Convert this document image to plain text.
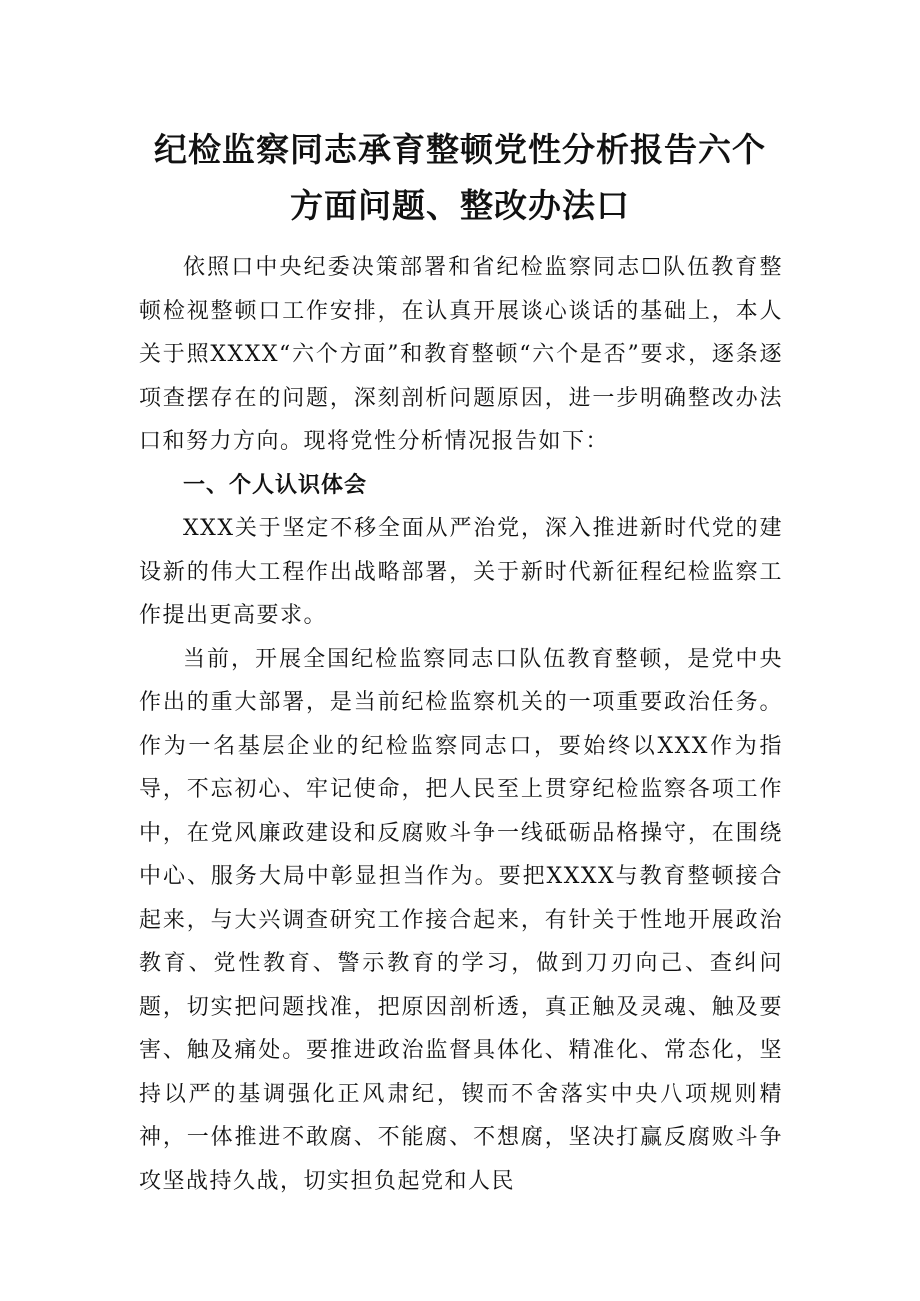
纪检监察同志承育整顿党性分析报告六个
方面问题、整改办法口

依照口中央纪委决策部署和省纪检监察同志☐队伍教育整顿检视整顿口工作安排，在认真开展谈心谈话的基础上，本人关于照XXXX“六个方面”和教育整顿“六个是否”要求，逐条逐项查摆存在的问题，深刻剖析问题原因，进一步明确整改办法口和努力方向。现将党性分析情况报告如下：

一、个人认识体会

XXX关于坚定不移全面从严治党，深入推进新时代党的建设新的伟大工程作出战略部署，关于新时代新征程纪检监察工作提出更高要求。

当前，开展全国纪检监察同志口队伍教育整顿，是党中央作出的重大部署，是当前纪检监察机关的一项重要政治任务。作为一名基层企业的纪检监察同志口，要始终以XXX作为指导，不忘初心、牢记使命，把人民至上贯穿纪检监察各项工作中，在党风廉政建设和反腐败斗争一线砥砺品格操守，在围绕中心、服务大局中彰显担当作为。要把XXXX与教育整顿接合起来，与大兴调查研究工作接合起来，有针关于性地开展政治教育、党性教育、警示教育的学习，做到刀刃向己、查纠问题，切实把问题找准，把原因剖析透，真正触及灵魂、触及要害、触及痛处。要推进政治监督具体化、精准化、常态化，坚持以严的基调强化正风肃纪，锲而不舍落实中央八项规则精神，一体推进不敢腐、不能腐、不想腐，坚决打赢反腐败斗争攻坚战持久战，切实担负起党和人民
